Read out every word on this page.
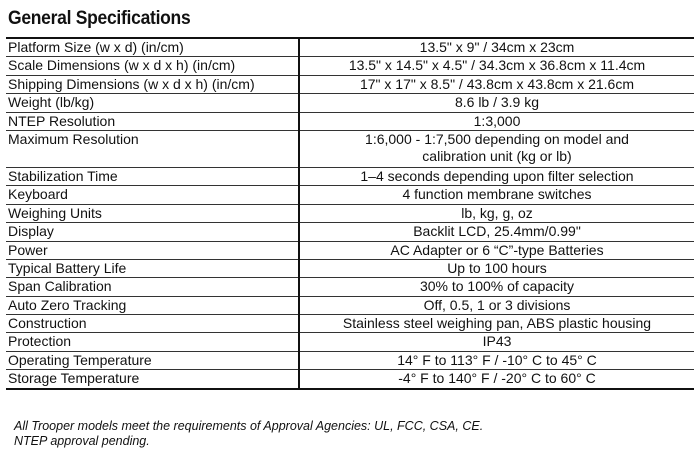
General Specifications
Platform Size (w x d) (in/cm)	13.5" x 9" / 34cm x 23cm

Scale Dimensions (w x d x h) (in/cm)	13.5" x 14.5" x 4.5" / 34.3cm x 36.8cm x 11.4cm

Shipping Dimensions (w x d x h) (in/cm)	17" x 17" x 8.5" / 43.8cm x 43.8cm x 21.6cm

Weight (lb/kg)	8.6 lb / 3.9 kg

NTEP Resolution	1:3,000

Maximum Resolution	1:6,000 - 1:7,500 depending on model and
calibration unit (kg or lb)

Stabilization Time	1–4 seconds depending upon filter selection

Keyboard	4 function membrane switches

Weighing Units	lb, kg, g, oz

Display	Backlit LCD, 25.4mm/0.99"

Power	AC Adapter or 6 “C”-type Batteries

Typical Battery Life	Up to 100 hours

Span Calibration	30% to 100% of capacity

Auto Zero Tracking	Off, 0.5, 1 or 3 divisions

Construction	Stainless steel weighing pan, ABS plastic housing

Protection	IP43

Operating Temperature	14° F to 113° F / -10° C to 45° C

Storage Temperature	-4° F to 140° F / -20° C to 60° C
All Trooper models meet the requirements of Approval Agencies: UL, FCC, CSA, CE.
NTEP approval pending.
